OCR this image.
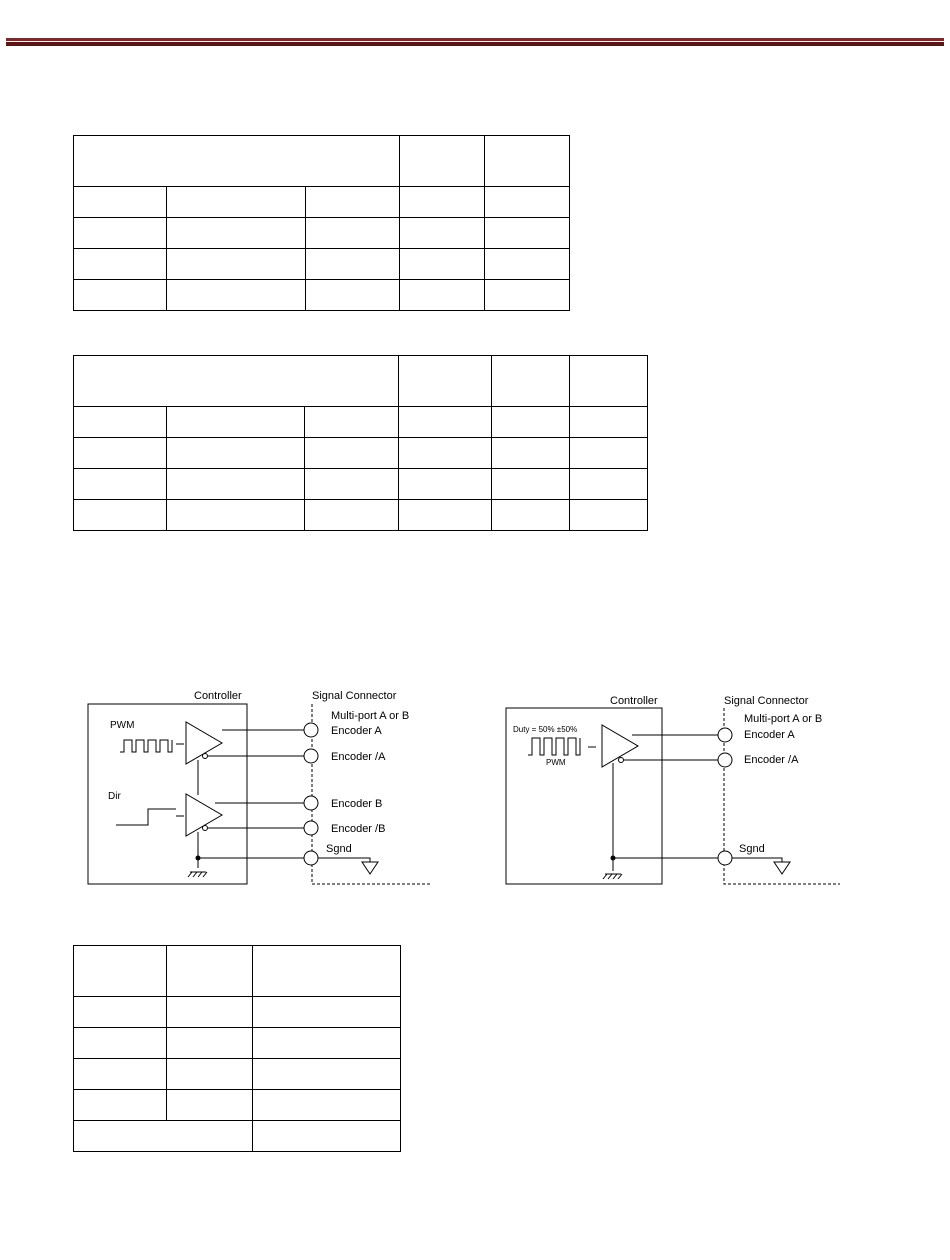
Controller	Signal Connector
Multi-port A or B
PWM
Dir
Encoder A
Encoder /A
Encoder B
Encoder /B
Sgnd
Controller	Signal Connector
Multi-port A or B
Duty = 50% ±50%
PWM
Encoder A
Encoder /A
Sgnd
